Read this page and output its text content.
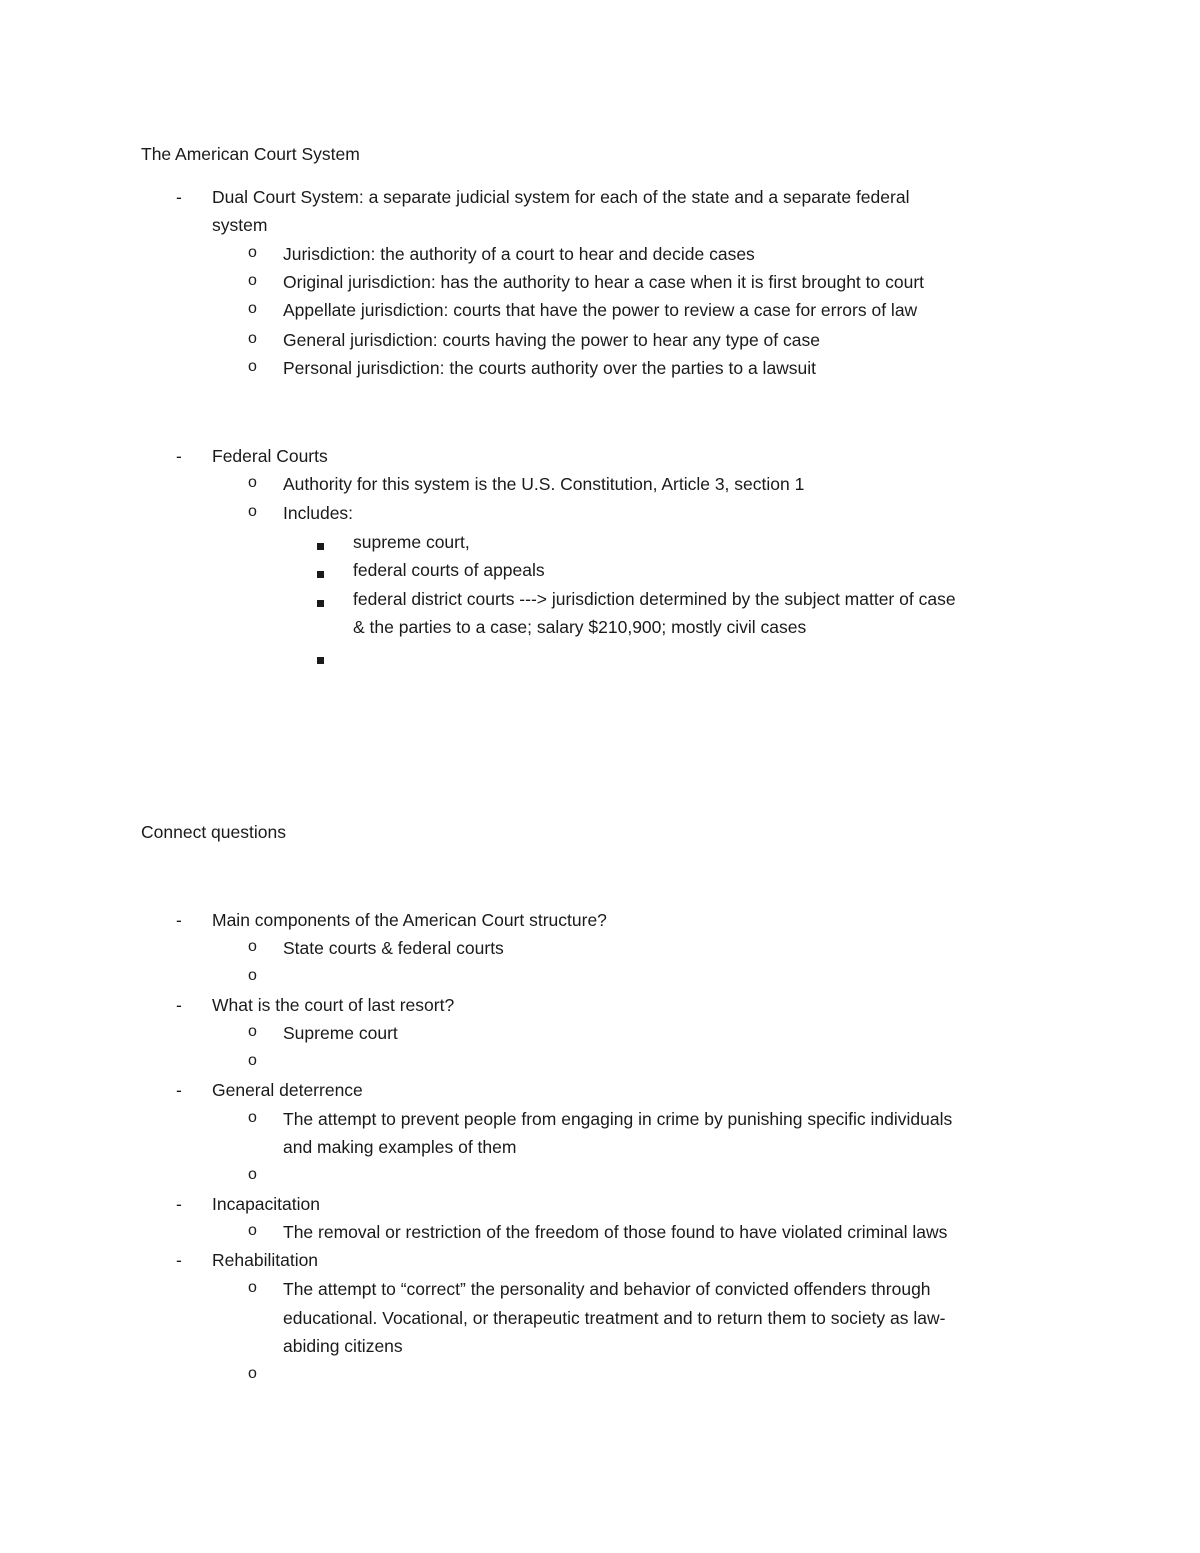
The American Court System
- Dual Court System: a separate judicial system for each of the state and a separate federal
system
o Jurisdiction: the authority of a court to hear and decide cases
o Original jurisdiction: has the authority to hear a case when it is first brought to court
o Appellate jurisdiction: courts that have the power to review a case for errors of law
o General jurisdiction: courts having the power to hear any type of case
o Personal jurisdiction: the courts authority over the parties to a lawsuit
- Federal Courts
o Authority for this system is the U.S. Constitution, Article 3, section 1
o Includes:
supreme court,
federal courts of appeals
federal district courts ---> jurisdiction determined by the subject matter of case
& the parties to a case; salary $210,900; mostly civil cases
Connect questions
- Main components of the American Court structure?
o State courts & federal courts
o
- What is the court of last resort?
o Supreme court
o
- General deterrence
o The attempt to prevent people from engaging in crime by punishing specific individuals
and making examples of them
o
- Incapacitation
o The removal or restriction of the freedom of those found to have violated criminal laws
- Rehabilitation
o The attempt to “correct” the personality and behavior of convicted offenders through
educational. Vocational, or therapeutic treatment and to return them to society as law-
abiding citizens
o
